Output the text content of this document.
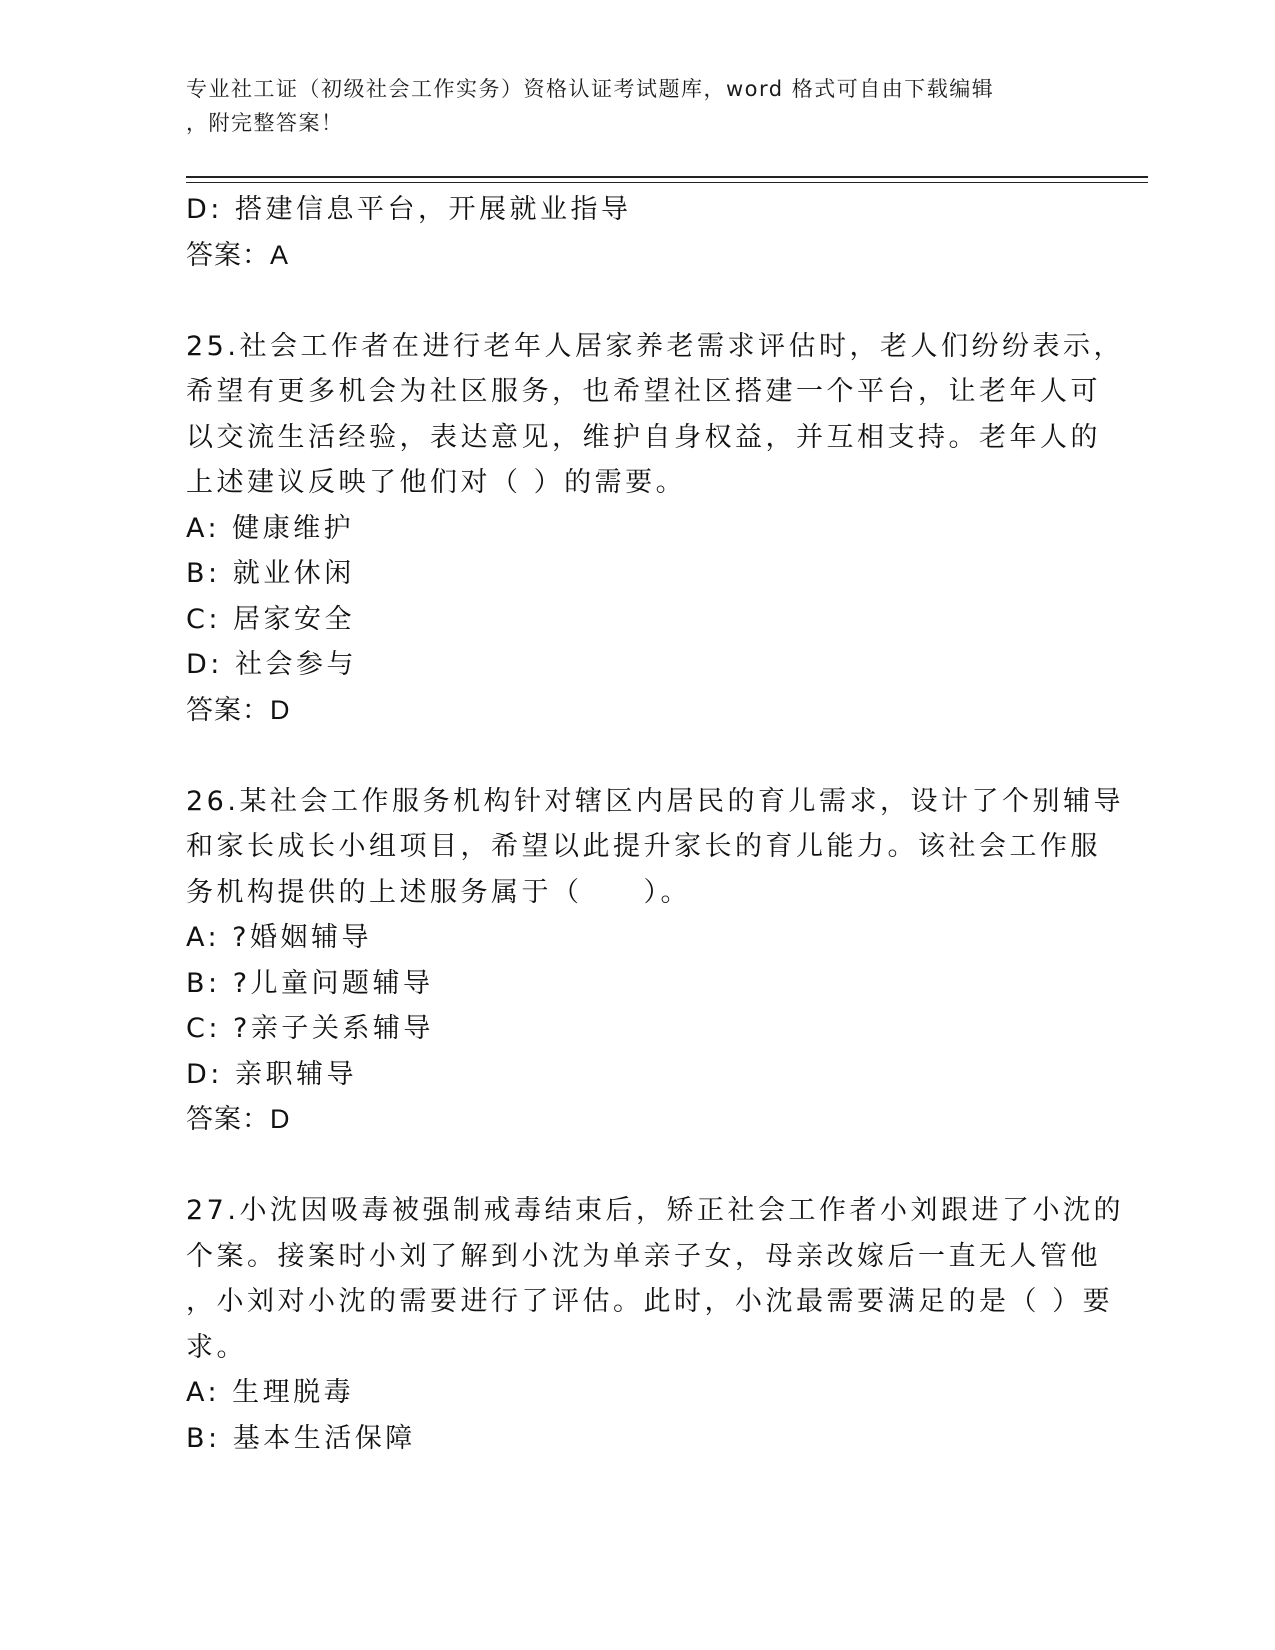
专业社工证（初级社会工作实务）资格认证考试题库，word 格式可自由下载编辑
，附完整答案！
D: 搭建信息平台，开展就业指导
答案：A
25.社会工作者在进行老年人居家养老需求评估时，老人们纷纷表示，
希望有更多机会为社区服务，也希望社区搭建一个平台，让老年人可
以交流生活经验，表达意见，维护自身权益，并互相支持。老年人的
上述建议反映了他们对（ ）的需要。
A: 健康维护
B: 就业休闲
C: 居家安全
D: 社会参与
答案：D
26.某社会工作服务机构针对辖区内居民的育儿需求，设计了个别辅导
和家长成长小组项目，希望以此提升家长的育儿能力。该社会工作服
务机构提供的上述服务属于（　　）。
A: ?婚姻辅导
B: ?儿童问题辅导
C: ?亲子关系辅导
D: 亲职辅导
答案：D
27.小沈因吸毒被强制戒毒结束后，矫正社会工作者小刘跟进了小沈的
个案。接案时小刘了解到小沈为单亲子女，母亲改嫁后一直无人管他
，小刘对小沈的需要进行了评估。此时，小沈最需要满足的是（ ）要
求。
A: 生理脱毒
B: 基本生活保障
